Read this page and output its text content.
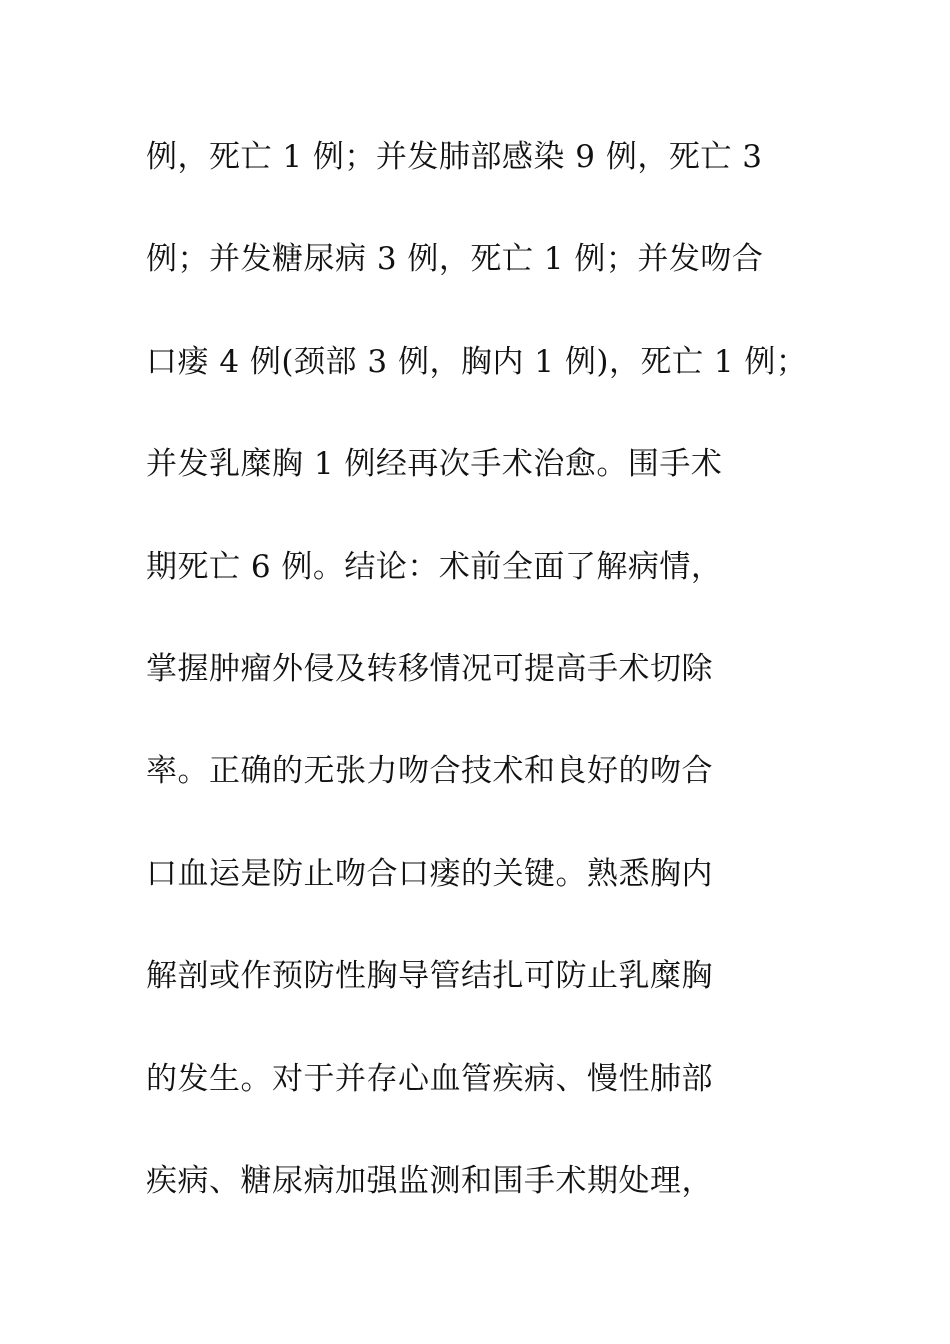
例，死亡 1 例；并发肺部感染 9 例，死亡 3
例；并发糖尿病 3 例，死亡 1 例；并发吻合
口瘘 4 例(颈部 3 例，胸内 1 例)，死亡 1 例；
并发乳糜胸 1 例经再次手术治愈。围手术
期死亡 6 例。结论：术前全面了解病情，
掌握肿瘤外侵及转移情况可提高手术切除
率。正确的无张力吻合技术和良好的吻合
口血运是防止吻合口瘘的关键。熟悉胸内
解剖或作预防性胸导管结扎可防止乳糜胸
的发生。对于并存心血管疾病、慢性肺部
疾病、糖尿病加强监测和围手术期处理，
